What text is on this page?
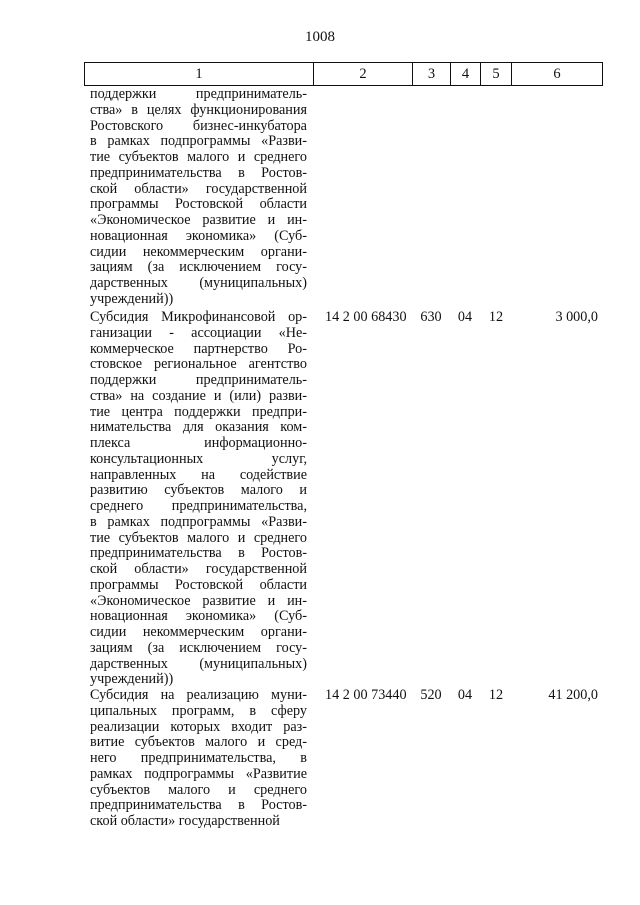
1008
1	2	3	4	5	6
поддержки предприниматель-
ства» в целях функционирования
Ростовского бизнес-инкубатора
в рамках подпрограммы «Разви-
тие субъектов малого и среднего
предпринимательства в Ростов-
ской области» государственной
программы Ростовской области
«Экономическое развитие и ин-
новационная экономика» (Суб-
сидии некоммерческим органи-
зациям (за исключением госу-
дарственных (муниципальных)
учреждений))
Субсидия Микрофинансовой ор-
ганизации - ассоциации «Не-
коммерческое партнерство Ро-
стовское региональное агентство
поддержки предприниматель-
ства» на создание и (или) разви-
тие центра поддержки предпри-
нимательства для оказания ком-
плекса информационно-
консультационных услуг,
направленных на содействие
развитию субъектов малого и
среднего предпринимательства,
в рамках подпрограммы «Разви-
тие субъектов малого и среднего
предпринимательства в Ростов-
ской области» государственной
программы Ростовской области
«Экономическое развитие и ин-
новационная экономика» (Суб-
сидии некоммерческим органи-
зациям (за исключением госу-
дарственных (муниципальных)
учреждений))
14 2 00 68430 630	04	12	3 000,0
Субсидия на реализацию муни-
ципальных программ, в сферу
реализации которых входит раз-
витие субъектов малого и сред-
него предпринимательства, в
рамках подпрограммы «Развитие
субъектов малого и среднего
предпринимательства в Ростов-
ской области» государственной
14 2 00 73440 520	04	12	41 200,0
